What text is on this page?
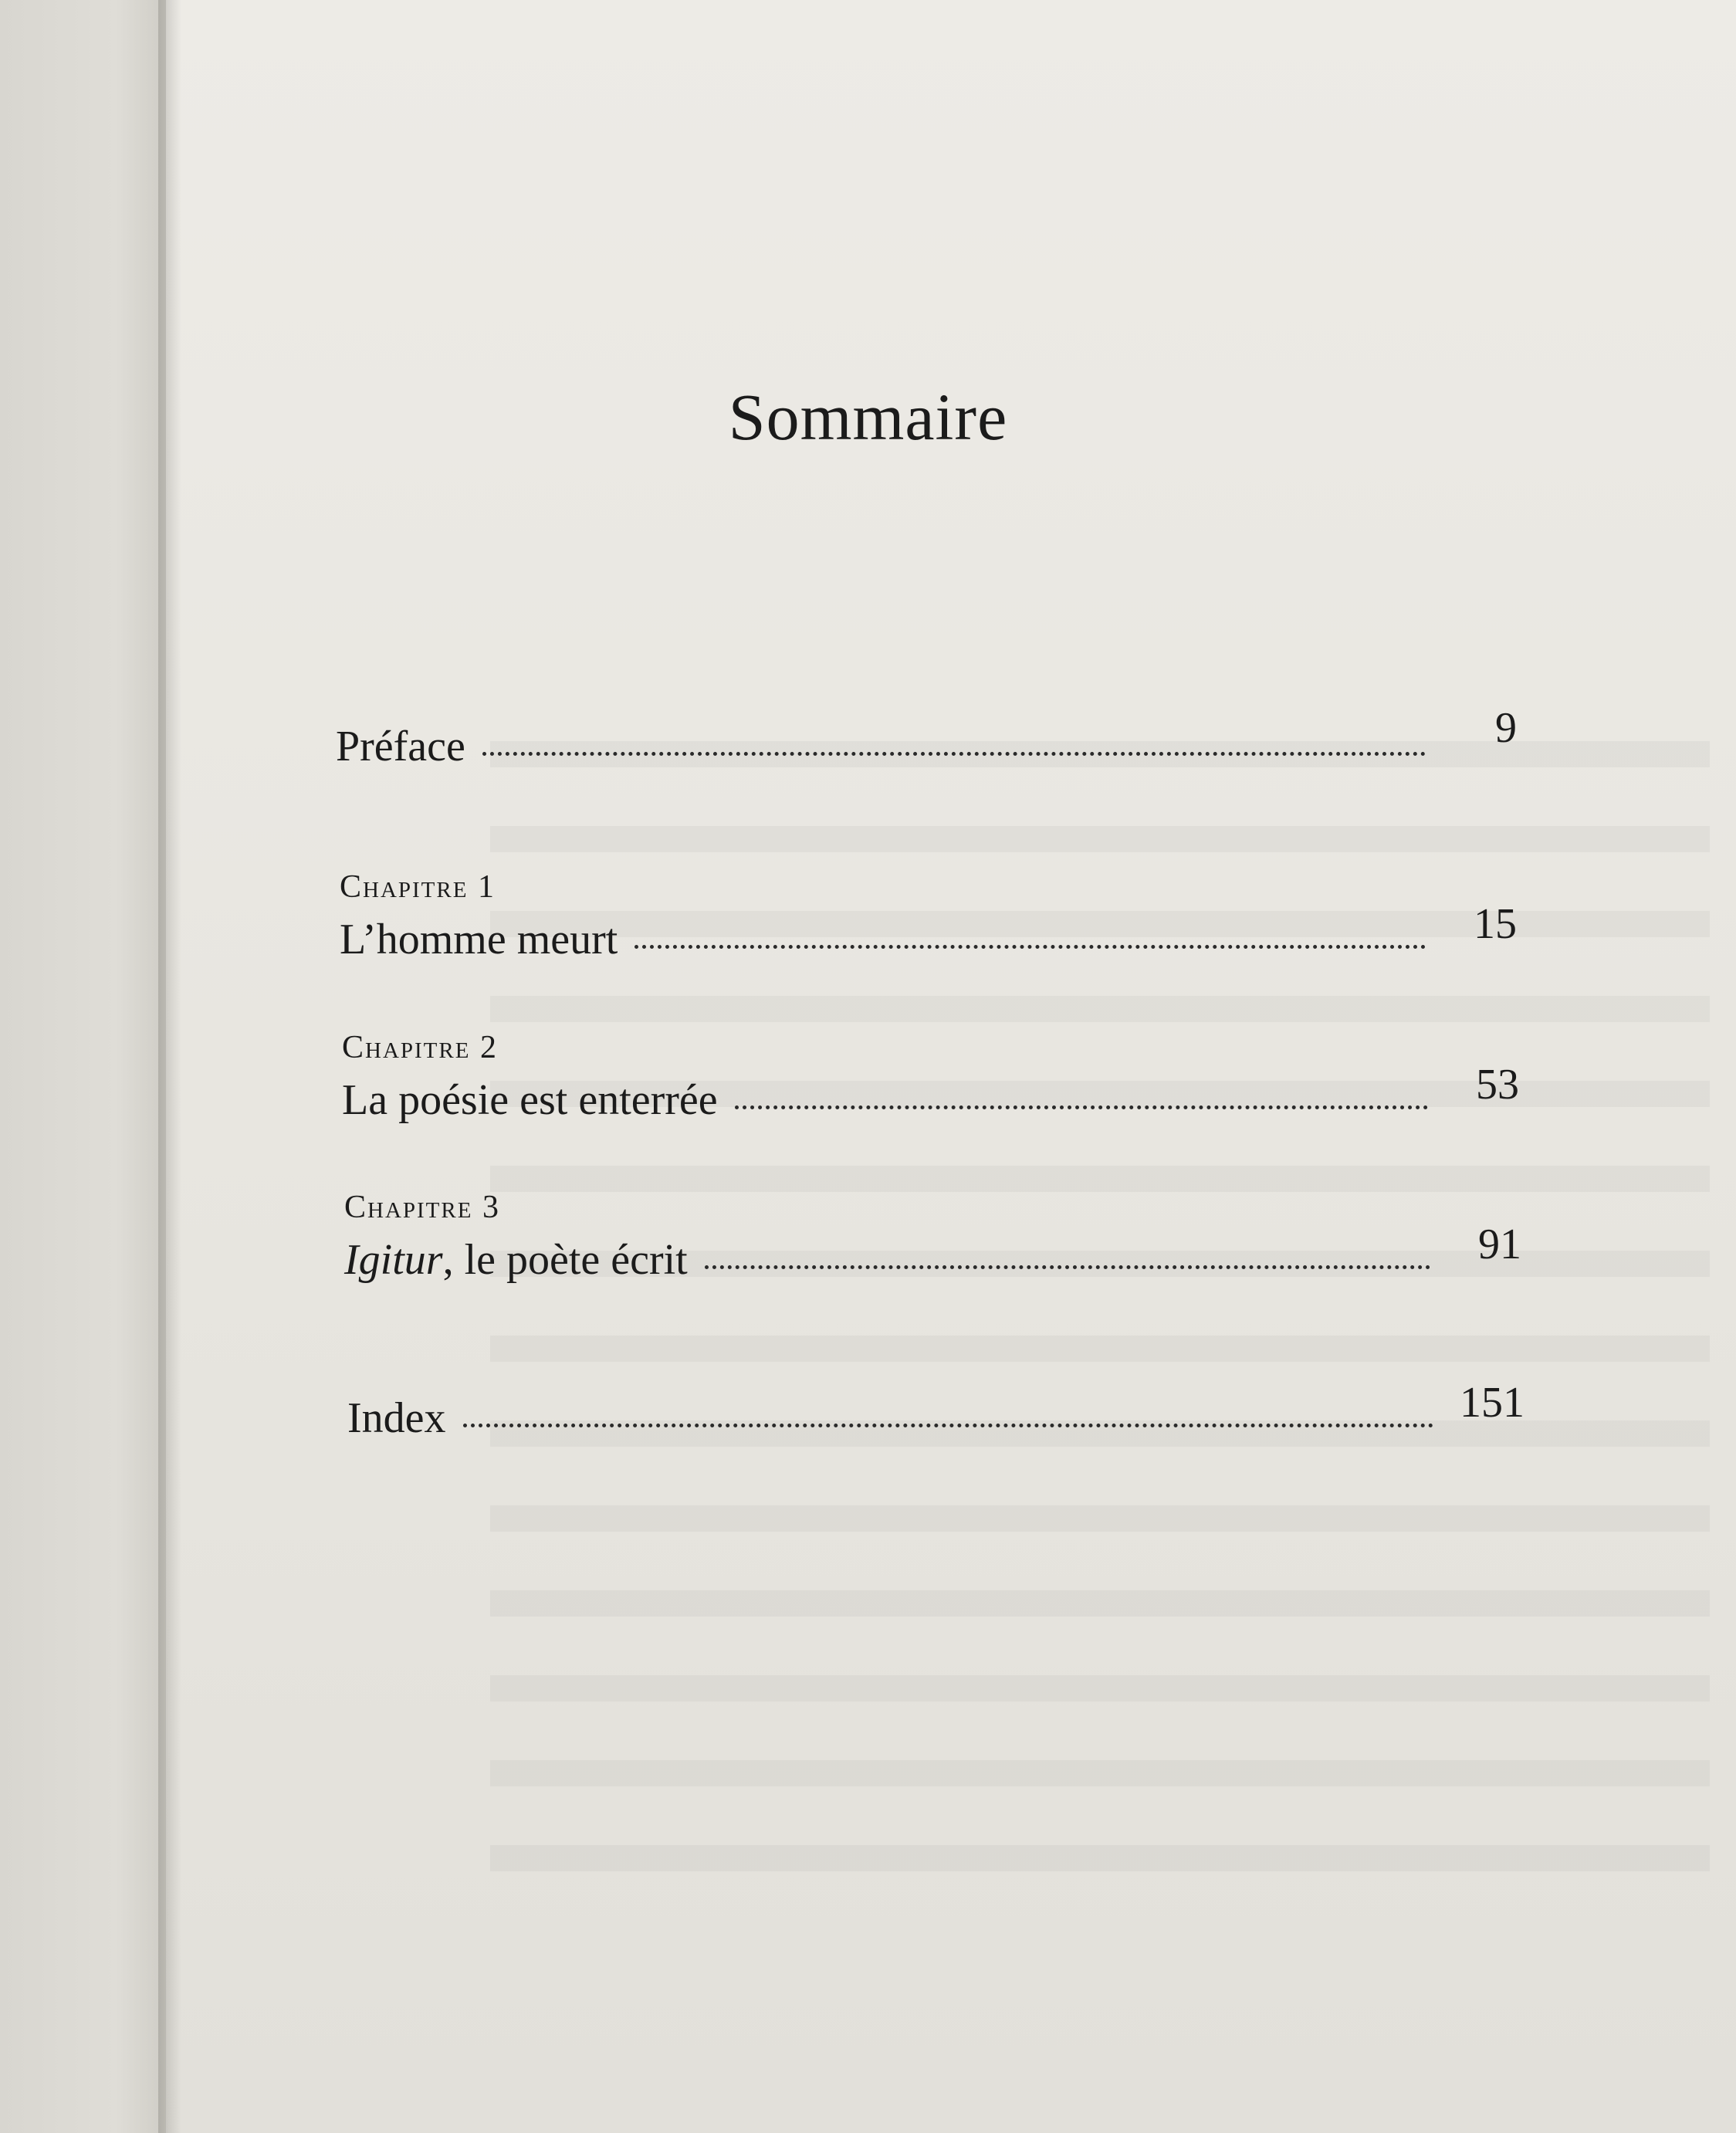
Sommaire
Préface	9
Chapitre 1
L’homme meurt	15
Chapitre 2
La poésie est enterrée	53
Chapitre 3
Igitur, le poète écrit	91
Index	151
